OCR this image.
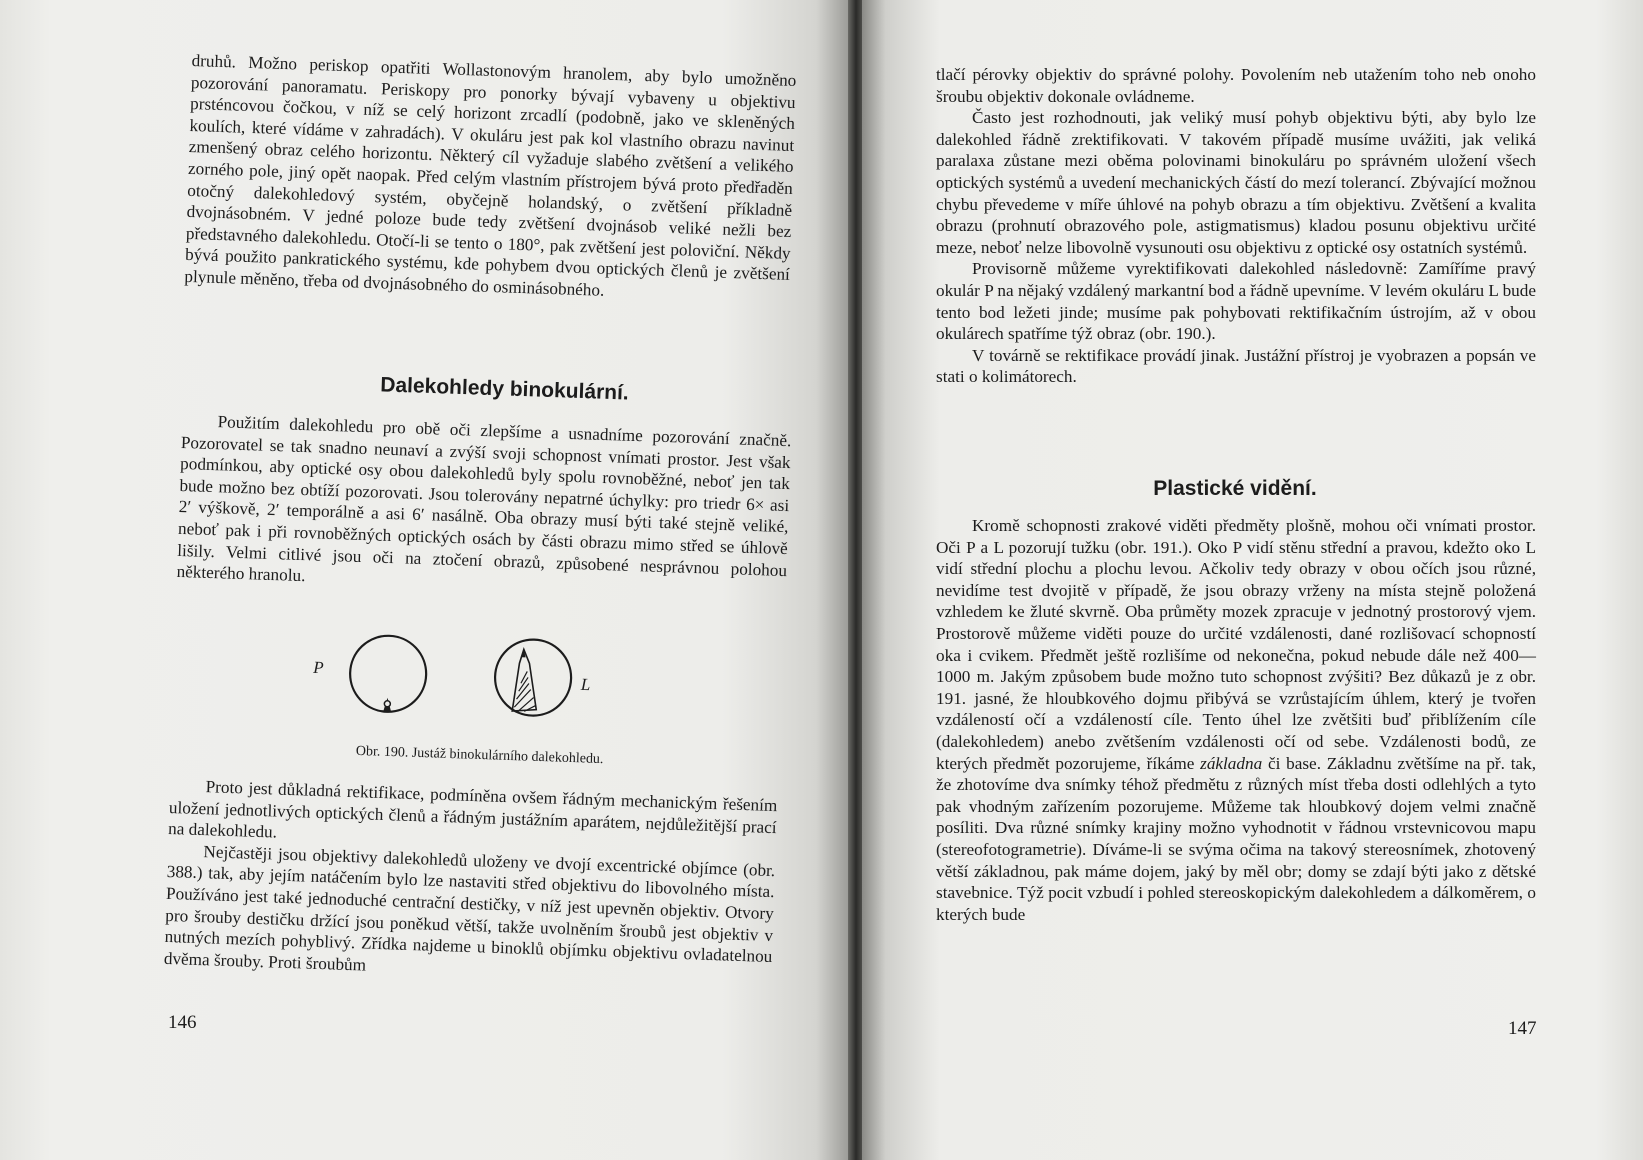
druhů. Možno periskop opatřiti Wollastonovým hranolem, aby bylo umožněno pozorování panoramatu. Periskopy pro ponorky bývají vybaveny u objektivu prsténcovou čočkou, v níž se celý horizont zrcadlí (podobně, jako ve skleněných koulích, které vídáme v zahradách). V okuláru jest pak kol vlastního obrazu navinut zmenšený obraz celého horizontu. Některý cíl vyžaduje slabého zvětšení a velikého zorného pole, jiný opět naopak. Před celým vlastním přístrojem bývá proto předřaděn otočný dalekohledový systém, obyčejně holandský, o zvětšení příkladně dvojnásobném. V jedné poloze bude tedy zvětšení dvojnásob veliké nežli bez představného dalekohledu. Otočí-li se tento o 180°, pak zvětšení jest poloviční. Někdy bývá použito pankratického systému, kde pohybem dvou optických členů je zvětšení plynule měněno, třeba od dvojnásobného do osminásobného.

Dalekohledy binokulární.

Použitím dalekohledu pro obě oči zlepšíme a usnadníme pozorování značně. Pozorovatel se tak snadno neunaví a zvýší svoji schopnost vnímati prostor. Jest však podmínkou, aby optické osy obou dalekohledů byly spolu rovnoběžné, neboť jen tak bude možno bez obtíží pozorovati. Jsou tolerovány nepatrné úchylky: pro triedr 6× asi 2′ výškově, 2′ temporálně a asi 6′ nasálně. Oba obrazy musí býti také stejně veliké, neboť pak i při rovnoběžných optických osách by části obrazu mimo střed se úhlově lišily. Velmi citlivé jsou oči na ztočení obrazů, způsobené nesprávnou polohou některého hranolu.

P
L
Obr. 190. Justáž binokulárního dalekohledu.

Proto jest důkladná rektifikace, podmíněna ovšem řádným mechanickým řešením uložení jednotlivých optických členů a řádným justážním aparátem, nejdůležitější prací na dalekohledu.

Nejčastěji jsou objektivy dalekohledů uloženy ve dvojí excentrické objímce (obr. 388.) tak, aby jejím natáčením bylo lze nastaviti střed objektivu do libovolného místa. Používáno jest také jednoduché centrační destičky, v níž jest upevněn objektiv. Otvory pro šrouby destičku držící jsou poněkud větší, takže uvolněním šroubů jest objektiv v nutných mezích pohyblivý. Zřídka najdeme u binoklů objímku objektivu ovladatelnou dvěma šrouby. Proti šroubům

146

tlačí pérovky objektiv do správné polohy. Povolením neb utažením toho neb onoho šroubu objektiv dokonale ovládneme.

Často jest rozhodnouti, jak veliký musí pohyb objektivu býti, aby bylo lze dalekohled řádně zrektifikovati. V takovém případě musíme uvážiti, jak veliká paralaxa zůstane mezi oběma polovinami binokuláru po správném uložení všech optických systémů a uvedení mechanických částí do mezí tolerancí. Zbývající možnou chybu převedeme v míře úhlové na pohyb obrazu a tím objektivu. Zvětšení a kvalita obrazu (prohnutí obrazového pole, astigmatismus) kladou posunu objektivu určité meze, neboť nelze libovolně vysunouti osu objektivu z optické osy ostatních systémů.

Provisorně můžeme vyrektifikovati dalekohled následovně: Zamíříme pravý okulár P na nějaký vzdálený markantní bod a řádně upevníme. V levém okuláru L bude tento bod ležeti jinde; musíme pak pohybovati rektifikačním ústrojím, až v obou okulárech spatříme týž obraz (obr. 190.).

V továrně se rektifikace provádí jinak. Justážní přístroj je vyobrazen a popsán ve stati o kolimátorech.

Plastické vidění.

Kromě schopnosti zrakové viděti předměty plošně, mohou oči vnímati prostor. Oči P a L pozorují tužku (obr. 191.). Oko P vidí stěnu střední a pravou, kdežto oko L vidí střední plochu a plochu levou. Ačkoliv tedy obrazy v obou očích jsou různé, nevidíme test dvojitě v případě, že jsou obrazy vrženy na místa stejně položená vzhledem ke žluté skvrně. Oba průměty mozek zpracuje v jednotný prostorový vjem. Prostorově můžeme viděti pouze do určité vzdálenosti, dané rozlišovací schopností oka i cvikem. Předmět ještě rozlišíme od nekonečna, pokud nebude dále než 400—1000 m. Jakým způsobem bude možno tuto schopnost zvýšiti? Bez důkazů je z obr. 191. jasné, že hloubkového dojmu přibývá se vzrůstajícím úhlem, který je tvořen vzdáleností očí a vzdáleností cíle. Tento úhel lze zvětšiti buď přiblížením cíle (dalekohledem) anebo zvětšením vzdálenosti očí od sebe. Vzdálenosti bodů, ze kterých předmět pozorujeme, říkáme základna či base. Základnu zvětšíme na př. tak, že zhotovíme dva snímky téhož předmětu z různých míst třeba dosti odlehlých a tyto pak vhodným zařízením pozorujeme. Můžeme tak hloubkový dojem velmi značně posíliti. Dva různé snímky krajiny možno vyhodnotit v řádnou vrstevnicovou mapu (stereofotogrametrie). Díváme-li se svýma očima na takový stereosnímek, zhotovený větší základnou, pak máme dojem, jaký by měl obr; domy se zdají býti jako z dětské stavebnice. Týž pocit vzbudí i pohled stereoskopickým dalekohledem a dálkoměrem, o kterých bude

147
